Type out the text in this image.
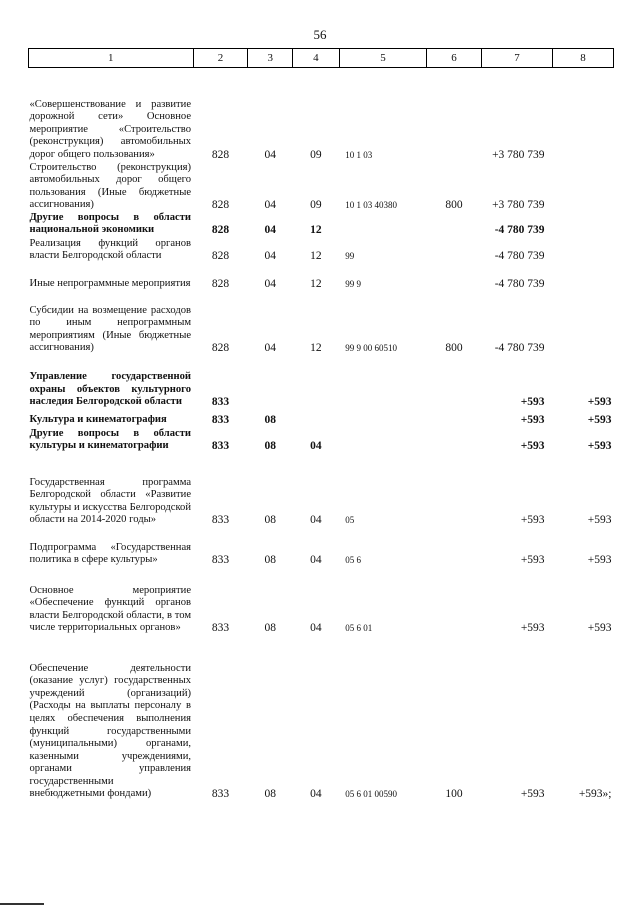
56
1	2	3	4	5	6	7	8
«Совершенствование и развитие дорожной сети» Основное мероприятие «Строительство (реконструкция) автомобильных дорог общего пользования»	828	04	09	10 1 03		+3 780 739	
Строительство (реконструкция) автомобильных дорог общего пользования (Иные бюджетные ассигнования)	828	04	09	10 1 03 40380	800	+3 780 739	
Другие вопросы в области национальной экономики	828	04	12			-4 780 739	
Реализация функций органов власти Белгородской области	828	04	12	99		-4 780 739	
Иные непрограммные мероприятия	828	04	12	99 9		-4 780 739	
Субсидии на возмещение расходов по иным непрограммным мероприятиям (Иные бюджетные ассигнования)	828	04	12	99 9 00 60510	800	-4 780 739	
Управление государственной охраны объектов культурного наследия Белгородской области	833					+593	+593
Культура и кинематография	833	08				+593	+593
Другие вопросы в области культуры и кинематографии	833	08	04			+593	+593
Государственная программа Белгородской области «Развитие культуры и искусства Белгородской области на 2014-2020 годы»	833	08	04	05		+593	+593
Подпрограмма «Государственная политика в сфере культуры»	833	08	04	05 6		+593	+593
Основное мероприятие «Обеспечение функций органов власти Белгородской области, в том числе территориальных органов»	833	08	04	05 6 01		+593	+593
Обеспечение деятельности (оказание услуг) государственных учреждений (организаций) (Расходы на выплаты персоналу в целях обеспечения выполнения функций государственными (муниципальными) органами, казенными учреждениями, органами управления государственными внебюджетными фондами)	833	08	04	05 6 01 00590	100	+593	+593»;
